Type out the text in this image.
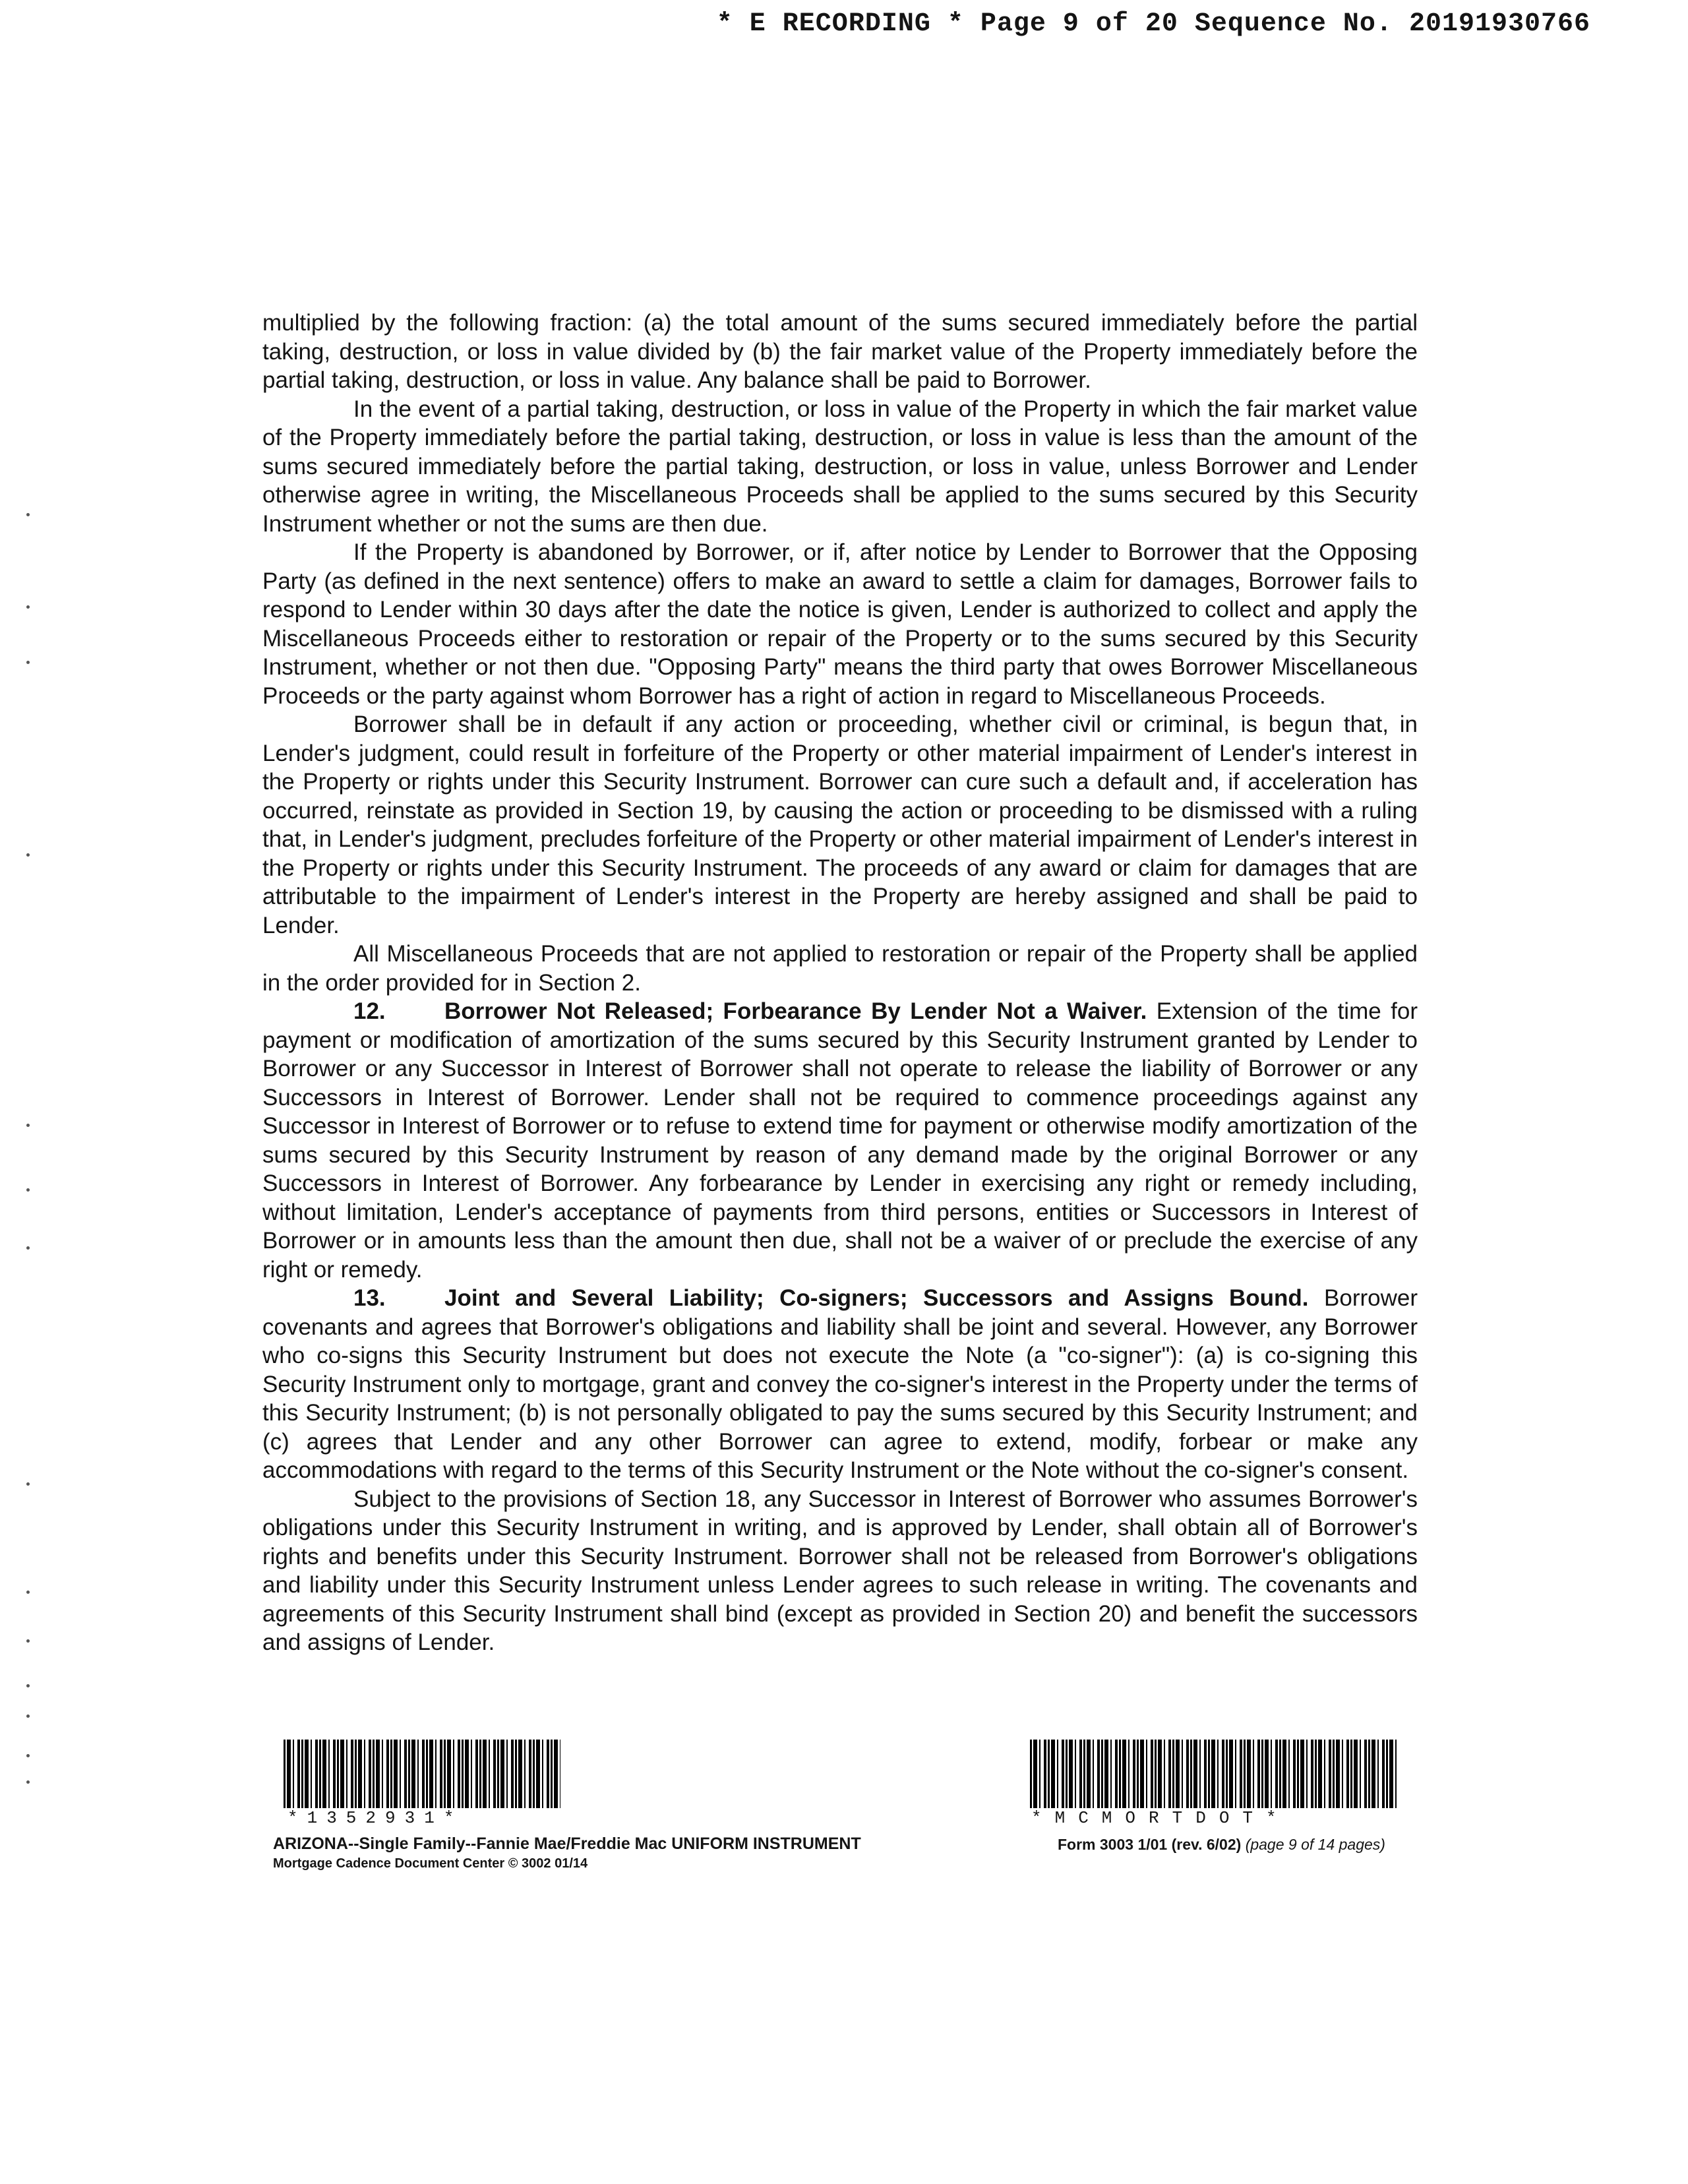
* E RECORDING * Page 9 of 20 Sequence No. 20191930766

multiplied by the following fraction: (a) the total amount of the sums secured immediately before the partial taking, destruction, or loss in value divided by (b) the fair market value of the Property immediately before the partial taking, destruction, or loss in value. Any balance shall be paid to Borrower.

In the event of a partial taking, destruction, or loss in value of the Property in which the fair market value of the Property immediately before the partial taking, destruction, or loss in value is less than the amount of the sums secured immediately before the partial taking, destruction, or loss in value, unless Borrower and Lender otherwise agree in writing, the Miscellaneous Proceeds shall be applied to the sums secured by this Security Instrument whether or not the sums are then due.

If the Property is abandoned by Borrower, or if, after notice by Lender to Borrower that the Opposing Party (as defined in the next sentence) offers to make an award to settle a claim for damages, Borrower fails to respond to Lender within 30 days after the date the notice is given, Lender is authorized to collect and apply the Miscellaneous Proceeds either to restoration or repair of the Property or to the sums secured by this Security Instrument, whether or not then due. "Opposing Party" means the third party that owes Borrower Miscellaneous Proceeds or the party against whom Borrower has a right of action in regard to Miscellaneous Proceeds.

Borrower shall be in default if any action or proceeding, whether civil or criminal, is begun that, in Lender's judgment, could result in forfeiture of the Property or other material impairment of Lender's interest in the Property or rights under this Security Instrument. Borrower can cure such a default and, if acceleration has occurred, reinstate as provided in Section 19, by causing the action or proceeding to be dismissed with a ruling that, in Lender's judgment, precludes forfeiture of the Property or other material impairment of Lender's interest in the Property or rights under this Security Instrument. The proceeds of any award or claim for damages that are attributable to the impairment of Lender's interest in the Property are hereby assigned and shall be paid to Lender.

All Miscellaneous Proceeds that are not applied to restoration or repair of the Property shall be applied in the order provided for in Section 2.

12.	Borrower Not Released; Forbearance By Lender Not a Waiver. Extension of the time for payment or modification of amortization of the sums secured by this Security Instrument granted by Lender to Borrower or any Successor in Interest of Borrower shall not operate to release the liability of Borrower or any Successors in Interest of Borrower. Lender shall not be required to commence proceedings against any Successor in Interest of Borrower or to refuse to extend time for payment or otherwise modify amortization of the sums secured by this Security Instrument by reason of any demand made by the original Borrower or any Successors in Interest of Borrower. Any forbearance by Lender in exercising any right or remedy including, without limitation, Lender's acceptance of payments from third persons, entities or Successors in Interest of Borrower or in amounts less than the amount then due, shall not be a waiver of or preclude the exercise of any right or remedy.

13.	Joint and Several Liability; Co-signers; Successors and Assigns Bound. Borrower covenants and agrees that Borrower's obligations and liability shall be joint and several. However, any Borrower who co-signs this Security Instrument but does not execute the Note (a "co-signer"): (a) is co-signing this Security Instrument only to mortgage, grant and convey the co-signer's interest in the Property under the terms of this Security Instrument; (b) is not personally obligated to pay the sums secured by this Security Instrument; and (c) agrees that Lender and any other Borrower can agree to extend, modify, forbear or make any accommodations with regard to the terms of this Security Instrument or the Note without the co-signer's consent.

Subject to the provisions of Section 18, any Successor in Interest of Borrower who assumes Borrower's obligations under this Security Instrument in writing, and is approved by Lender, shall obtain all of Borrower's rights and benefits under this Security Instrument. Borrower shall not be released from Borrower's obligations and liability under this Security Instrument unless Lender agrees to such release in writing. The covenants and agreements of this Security Instrument shall bind (except as provided in Section 20) and benefit the successors and assigns of Lender.

*1352931*	*MCMORTDOT*
ARIZONA--Single Family--Fannie Mae/Freddie Mac UNIFORM INSTRUMENT
Mortgage Cadence Document Center © 3002 01/14
Form 3003 1/01 (rev. 6/02) (page 9 of 14 pages)
